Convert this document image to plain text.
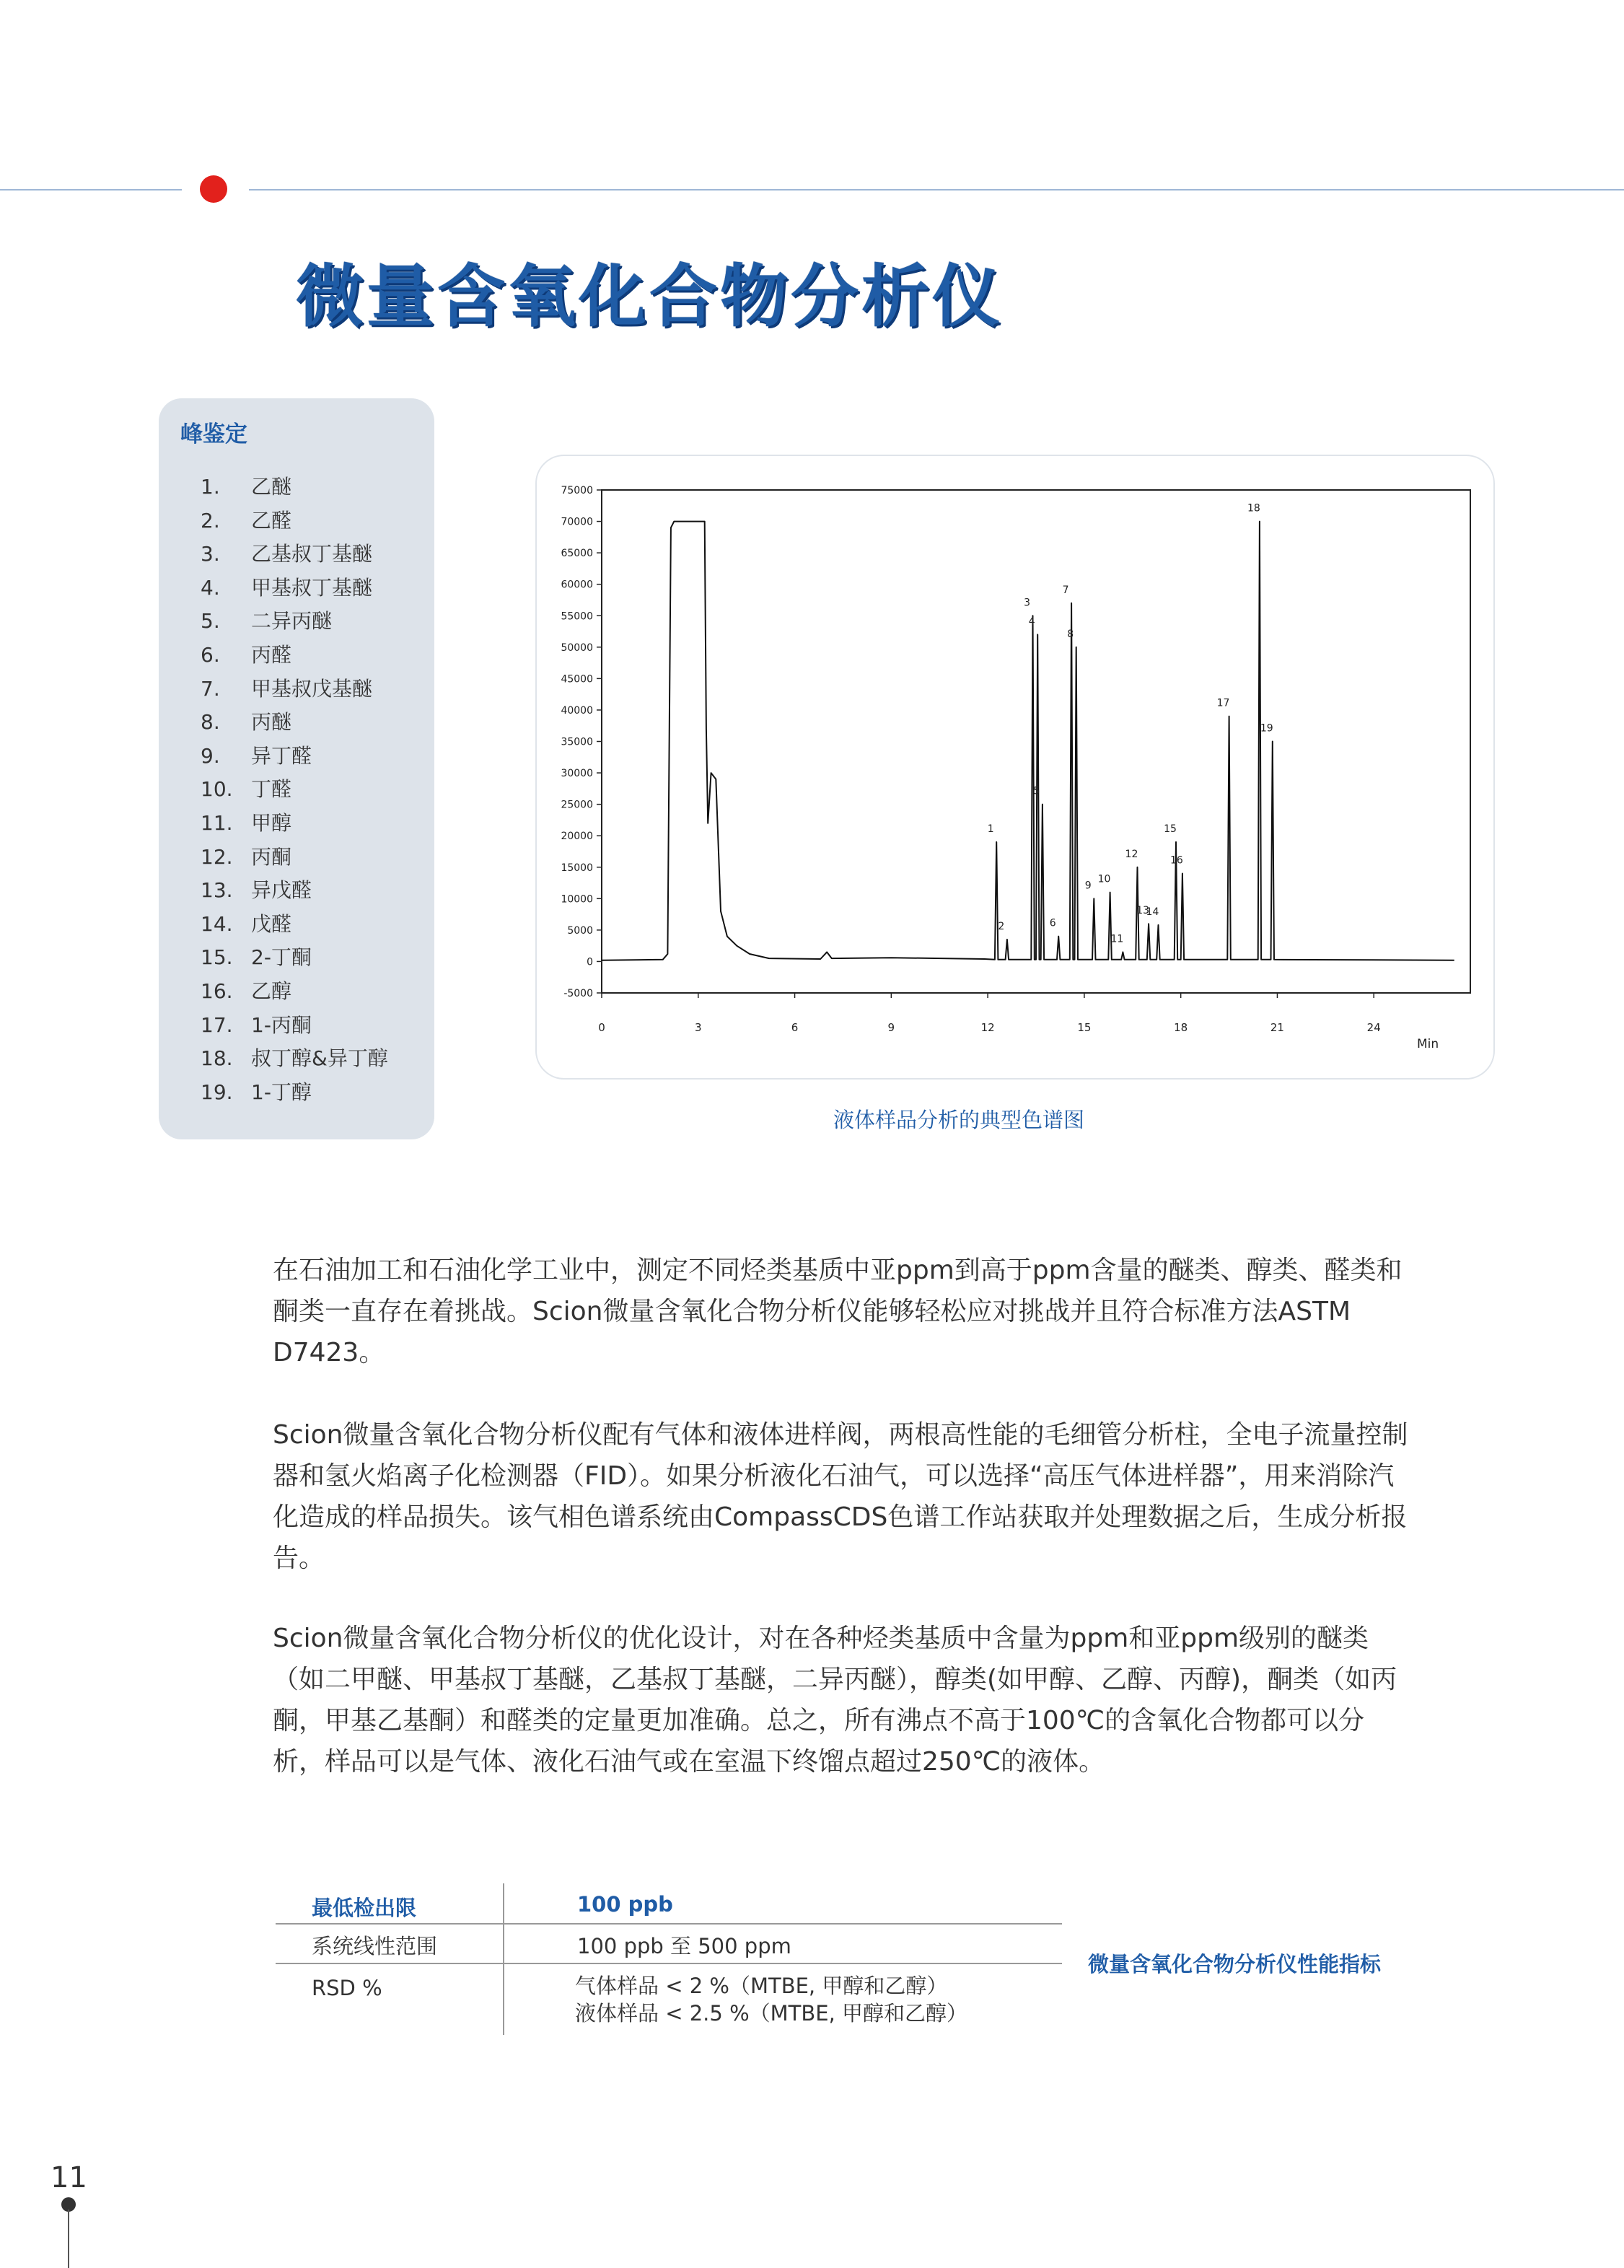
微量含氧化合物分析仪
峰鉴定
1. 乙醚
2. 乙醛
3. 乙基叔丁基醚
4. 甲基叔丁基醚
5. 二异丙醚
6. 丙醛
7. 甲基叔戊基醚
8. 丙醚
9. 异丁醛
10. 丁醛
11. 甲醇
12. 丙酮
13. 异戊醛
14. 戊醛
15. 2-丁酮
16. 乙醇
17. 1-丙酮
18. 叔丁醇&异丁醇
19. 1-丁醇
75000
70000
65000
60000
55000
50000
45000
40000
35000
30000
25000
20000
15000
10000
5000
0
-5000
0	3	6	9	12	15	18	21	24
Min
1
2
3
4
5
6
7
8
9
10
11
12
13
14
15
16
17
18
19
液体样品分析的典型色谱图

在石油加工和石油化学工业中，测定不同烃类基质中亚ppm到高于ppm含量的醚类、醇类、醛类和酮类一直存在着挑战。Scion微量含氧化合物分析仪能够轻松应对挑战并且符合标准方法ASTM D7423。

Scion微量含氧化合物分析仪配有气体和液体进样阀，两根高性能的毛细管分析柱，全电子流量控制器和氢火焰离子化检测器（FID）。如果分析液化石油气，可以选择“高压气体进样器”，用来消除汽化造成的样品损失。该气相色谱系统由CompassCDS色谱工作站获取并处理数据之后，生成分析报告。

Scion微量含氧化合物分析仪的优化设计，对在各种烃类基质中含量为ppm和亚ppm级别的醚类（如二甲醚、甲基叔丁基醚，乙基叔丁基醚，二异丙醚），醇类(如甲醇、乙醇、丙醇)，酮类（如丙酮，甲基乙基酮）和醛类的定量更加准确。总之，所有沸点不高于100℃的含氧化合物都可以分析，样品可以是气体、液化石油气或在室温下终馏点超过250℃的液体。

最低检出限	100 ppb
系统线性范围	100 ppb 至 500 ppm
RSD %	气体样品 < 2 %（MTBE, 甲醇和乙醇）
液体样品 < 2.5 %（MTBE, 甲醇和乙醇）
微量含氧化合物分析仪性能指标
11
